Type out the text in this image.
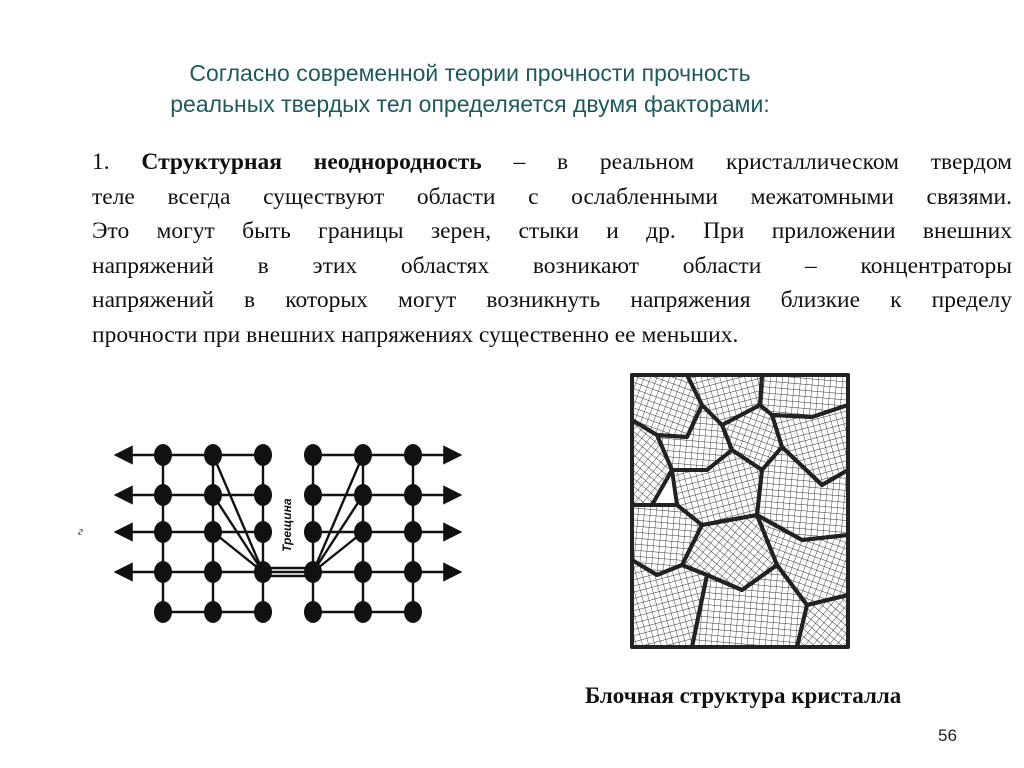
Согласно современной теории прочности прочность
реальных твердых тел определяется двумя факторами:
1. Структурная неоднородность – в реальном кристаллическом твердом
теле всегда существуют области с ослабленными межатомными связями.
Это могут быть границы зерен, стыки и др. При приложении внешних
напряжений в этих областях возникают области – концентраторы
напряжений в которых могут возникнуть напряжения близкие к пределу
прочности при внешних напряжениях существенно ее меньших.
г	Трещина
Блочная структура кристалла
56
